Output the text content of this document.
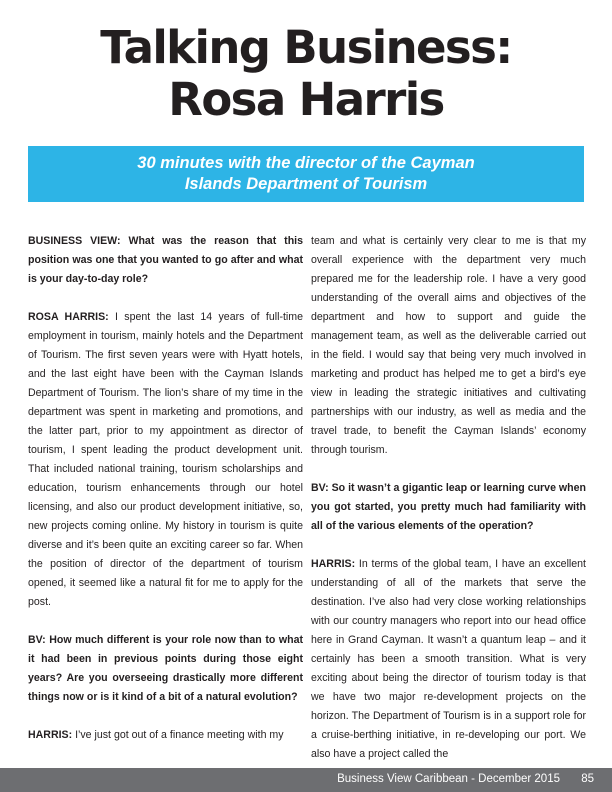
Talking Business:
Rosa Harris
30 minutes with the director of the Cayman
Islands Department of Tourism

BUSINESS VIEW: What was the reason that this position was one that you wanted to go after and what is your day-to-day role?

ROSA HARRIS: I spent the last 14 years of full-time employment in tourism, mainly hotels and the Department of Tourism. The first seven years were with Hyatt hotels, and the last eight have been with the Cayman Islands Department of Tourism. The lion’s share of my time in the department was spent in marketing and promotions, and the latter part, prior to my appointment as director of tourism, I spent leading the product development unit. That included national training, tourism scholarships and education, tourism enhancements through our hotel licensing, and also our product development initiative, so, new projects coming online. My history in tourism is quite diverse and it’s been quite an exciting career so far. When the position of director of the department of tourism opened, it seemed like a natural fit for me to apply for the post.

BV: How much different is your role now than to what it had been in previous points during those eight years? Are you overseeing drastically more different things now or is it kind of a bit of a natural evolution?

HARRIS: I’ve just got out of a finance meeting with my

team and what is certainly very clear to me is that my overall experience with the department very much prepared me for the leadership role. I have a very good understanding of the overall aims and objectives of the department and how to support and guide the management team, as well as the deliverable carried out in the field. I would say that being very much involved in marketing and product has helped me to get a bird’s eye view in leading the strategic initiatives and cultivating partnerships with our industry, as well as media and the travel trade, to benefit the Cayman Islands’ economy through tourism.

BV: So it wasn’t a gigantic leap or learning curve when you got started, you pretty much had familiarity with all of the various elements of the operation?

HARRIS: In terms of the global team, I have an excellent understanding of all of the markets that serve the destination. I’ve also had very close working relationships with our country managers who report into our head office here in Grand Cayman. It wasn’t a quantum leap – and it certainly has been a smooth transition. What is very exciting about being the director of tourism today is that we have two major re-development projects on the horizon. The Department of Tourism is in a support role for a cruise-berthing initiative, in re-developing our port. We also have a project called the

Business View Caribbean - December 2015 85
